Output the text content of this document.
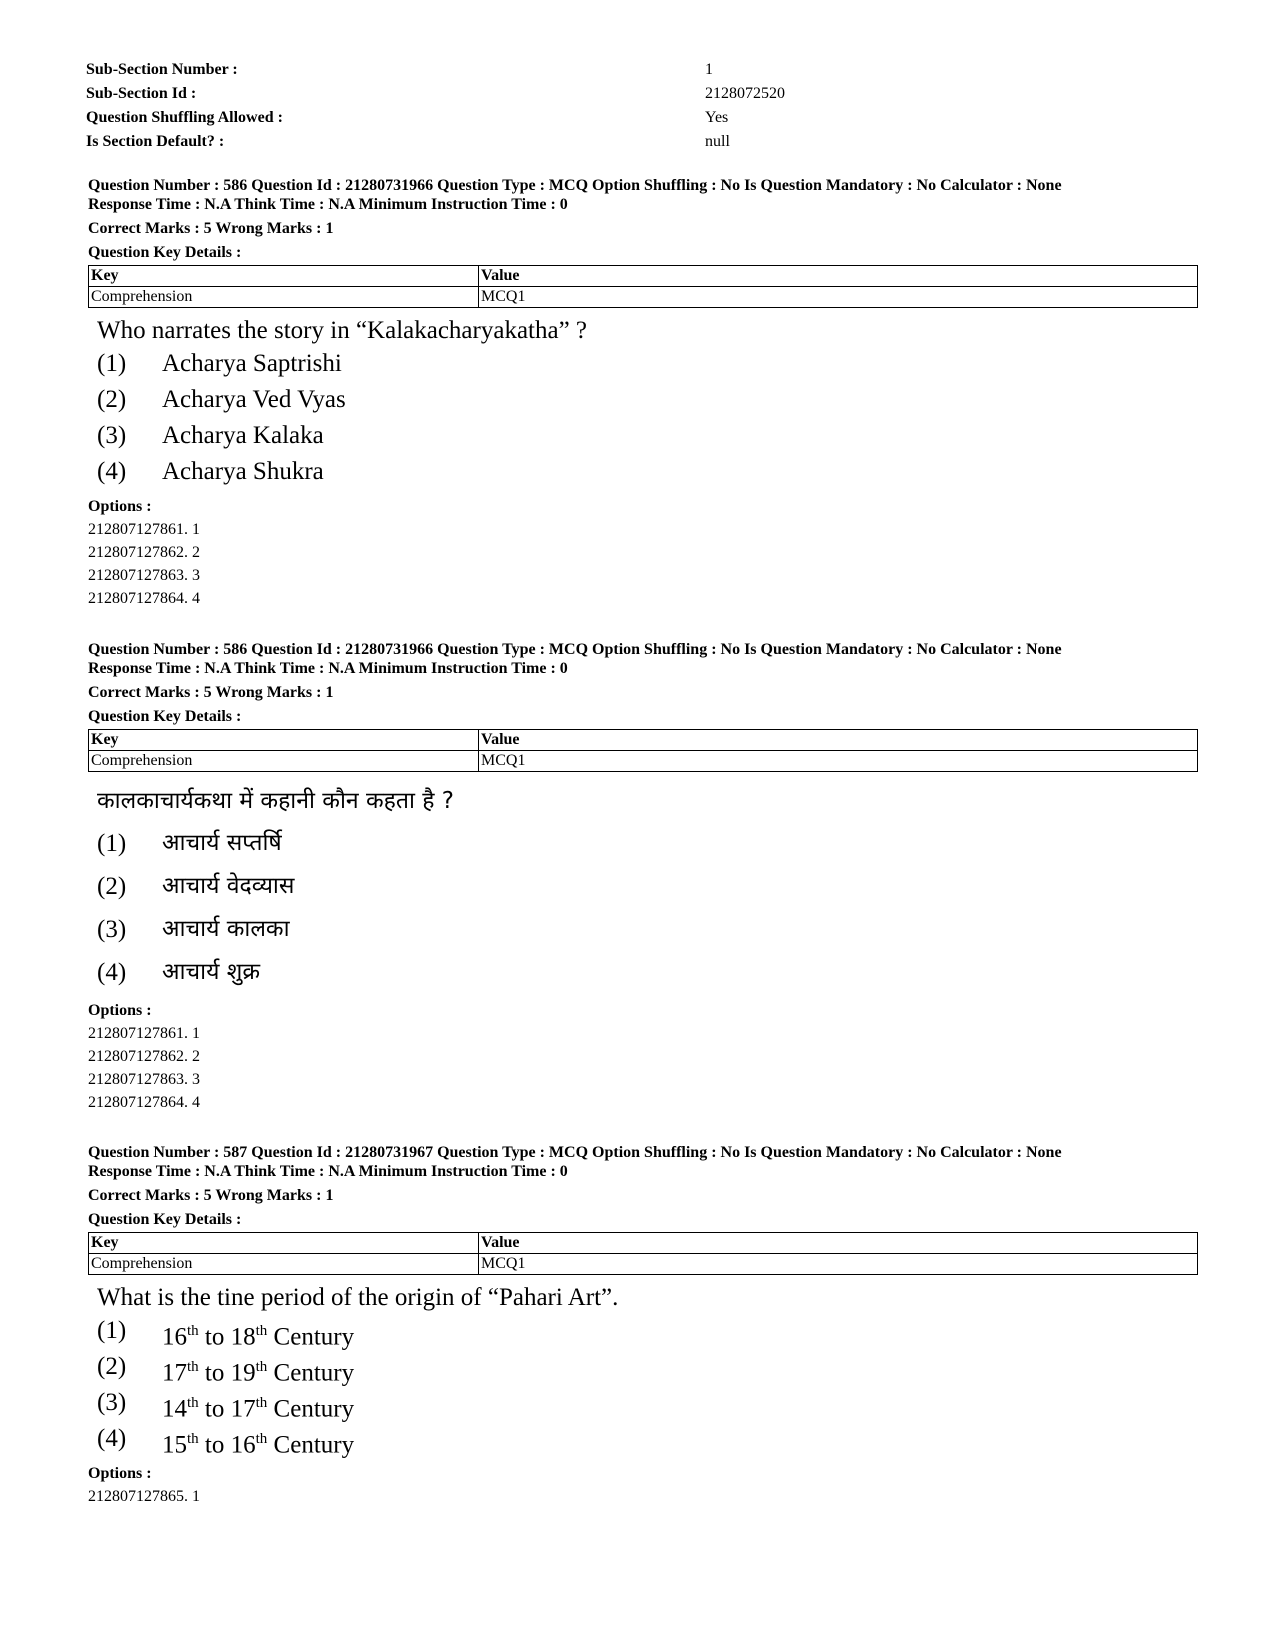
Sub-Section Number :	1
Sub-Section Id :	2128072520
Question Shuffling Allowed :	Yes
Is Section Default? :	null
Question Number : 586 Question Id : 21280731966 Question Type : MCQ Option Shuffling : No Is Question Mandatory : No Calculator : None
Response Time : N.A Think Time : N.A Minimum Instruction Time : 0
Correct Marks : 5 Wrong Marks : 1
Question Key Details :
Key	Value
Comprehension	MCQ1
Who narrates the story in “Kalakacharyakatha” ?
(1)	Acharya Saptrishi
(2)	Acharya Ved Vyas
(3)	Acharya Kalaka
(4)	Acharya Shukra
Options :
212807127861. 1
212807127862. 2
212807127863. 3
212807127864. 4
Question Number : 586 Question Id : 21280731966 Question Type : MCQ Option Shuffling : No Is Question Mandatory : No Calculator : None
Response Time : N.A Think Time : N.A Minimum Instruction Time : 0
Correct Marks : 5 Wrong Marks : 1
Question Key Details :
Key	Value
Comprehension	MCQ1
कालकाचार्यकथा में कहानी कौन कहता है ?
(1)	आचार्य सप्तर्षि
(2)	आचार्य वेदव्यास
(3)	आचार्य कालका
(4)	आचार्य शुक्र
Options :
212807127861. 1
212807127862. 2
212807127863. 3
212807127864. 4
Question Number : 587 Question Id : 21280731967 Question Type : MCQ Option Shuffling : No Is Question Mandatory : No Calculator : None
Response Time : N.A Think Time : N.A Minimum Instruction Time : 0
Correct Marks : 5 Wrong Marks : 1
Question Key Details :
Key	Value
Comprehension	MCQ1
What is the tine period of the origin of “Pahari Art”.
(1)	16th to 18th Century
(2)	17th to 19th Century
(3)	14th to 17th Century
(4)	15th to 16th Century
Options :
212807127865. 1
